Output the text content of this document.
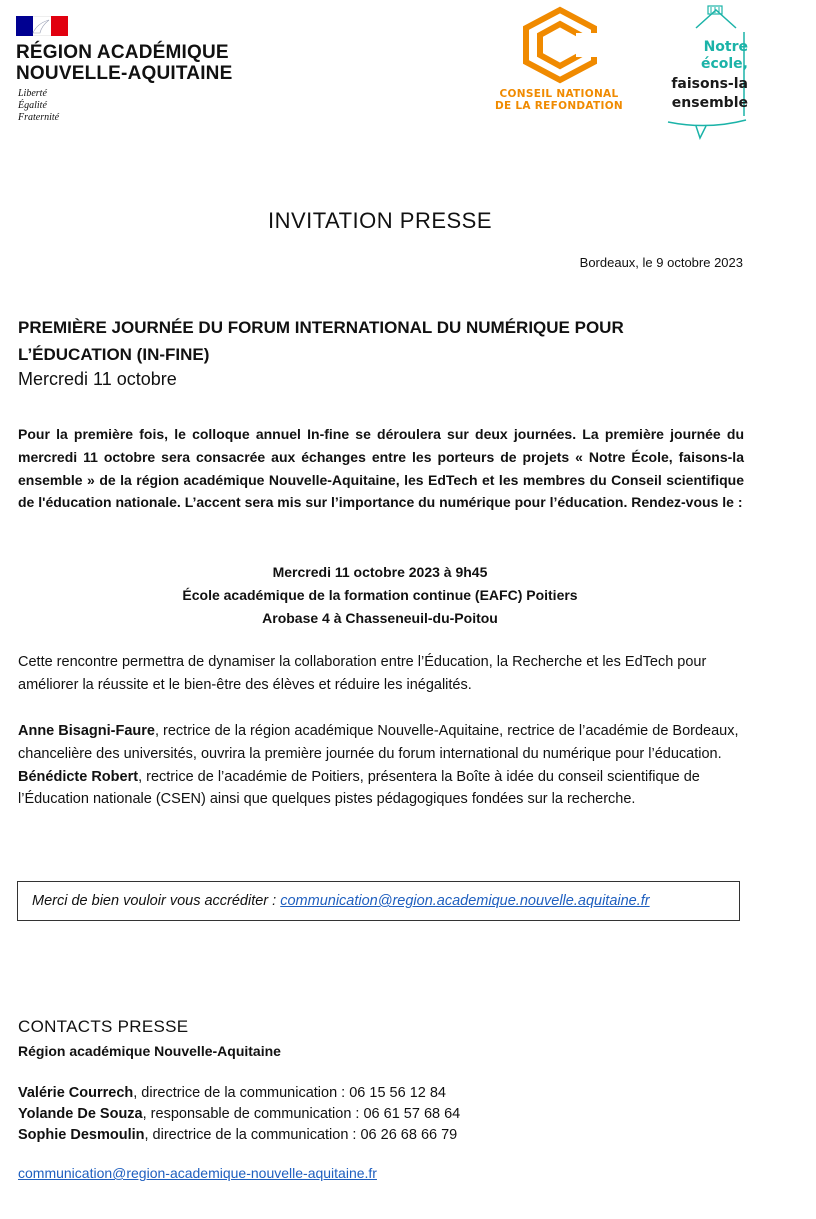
RÉGION ACADÉMIQUE
NOUVELLE-AQUITAINE
Liberté
Égalité
Fraternité
CONSEIL NATIONAL
DE LA REFONDATION
Notre
école,
faisons-la
ensemble
INVITATION PRESSE
Bordeaux, le 9 octobre 2023
PREMIÈRE JOURNÉE DU FORUM INTERNATIONAL DU NUMÉRIQUE POUR
L’ÉDUCATION (IN-FINE)
Mercredi 11 octobre
Pour la première fois, le colloque annuel In-fine se déroulera sur deux journées. La première journée du mercredi 11 octobre sera consacrée aux échanges entre les porteurs de projets « Notre École, faisons-la ensemble » de la région académique Nouvelle-Aquitaine, les EdTech et les membres du Conseil scientifique de l'éducation nationale. L’accent sera mis sur l’importance du numérique pour l’éducation. Rendez-vous le :
Mercredi 11 octobre 2023 à 9h45
École académique de la formation continue (EAFC) Poitiers
Arobase 4 à Chasseneuil-du-Poitou
Cette rencontre permettra de dynamiser la collaboration entre l’Éducation, la Recherche et les EdTech pour améliorer la réussite et le bien-être des élèves et réduire les inégalités.
Anne Bisagni-Faure, rectrice de la région académique Nouvelle-Aquitaine, rectrice de l’académie de Bordeaux, chancelière des universités, ouvrira la première journée du forum international du numérique pour l’éducation. Bénédicte Robert, rectrice de l’académie de Poitiers, présentera la Boîte à idée du conseil scientifique de l’Éducation nationale (CSEN) ainsi que quelques pistes pédagogiques fondées sur la recherche.
Merci de bien vouloir vous accréditer : communication@region.academique.nouvelle.aquitaine.fr
CONTACTS PRESSE
Région académique Nouvelle-Aquitaine
Valérie Courrech, directrice de la communication : 06 15 56 12 84
Yolande De Souza, responsable de communication : 06 61 57 68 64
Sophie Desmoulin, directrice de la communication : 06 26 68 66 79
communication@region-academique-nouvelle-aquitaine.fr
